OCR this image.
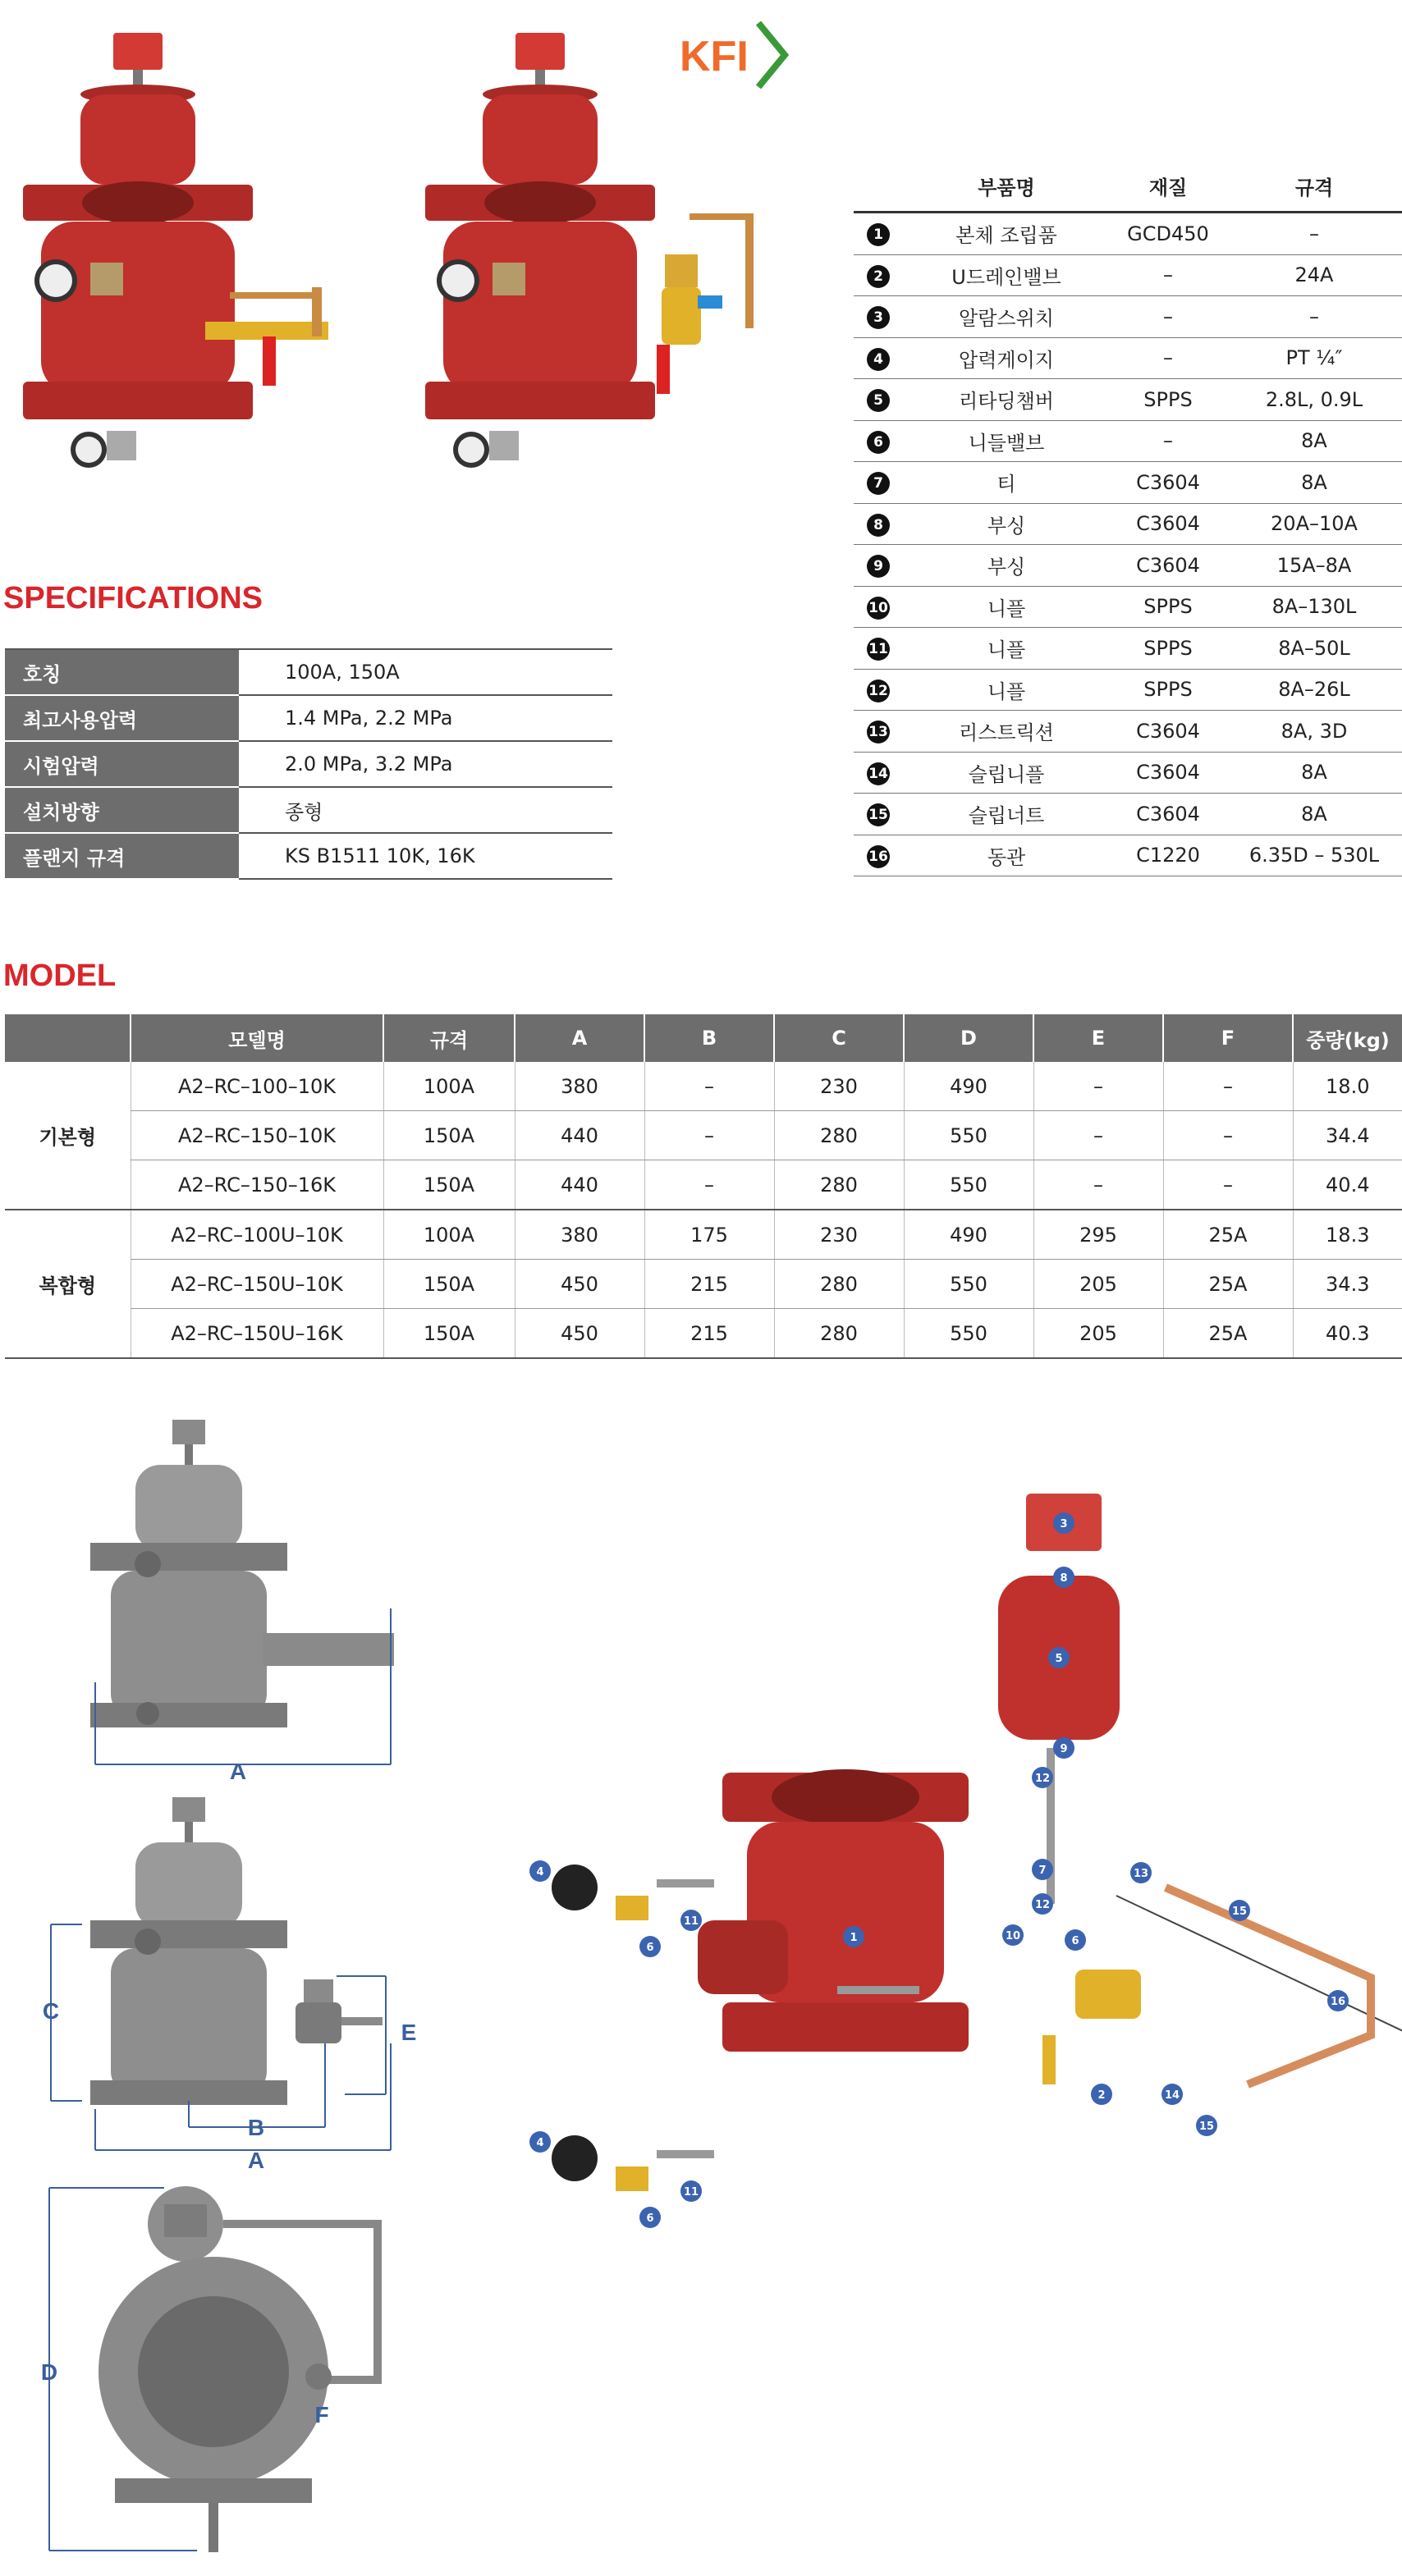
KFI
SPECIFICATIONS
호칭	100A, 150A
최고사용압력	1.4 MPa, 2.2 MPa
시험압력	2.0 MPa, 3.2 MPa
설치방향	종형
플랜지 규격	KS B1511 10K, 16K
	부품명	재질	규격
1	본체 조립품	GCD450	–
2	U드레인밸브	–	24A
3	알람스위치	–	–
4	압력게이지	–	PT ¼″
5	리타딩챔버	SPPS	2.8L, 0.9L
6	니들밸브	–	8A
7	티	C3604	8A
8	부싱	C3604	20A–10A
9	부싱	C3604	15A–8A
10	니플	SPPS	8A–130L
11	니플	SPPS	8A–50L
12	니플	SPPS	8A–26L
13	리스트릭션	C3604	8A, 3D
14	슬립니플	C3604	8A
15	슬립너트	C3604	8A
16	동관	C1220	6.35D – 530L
MODEL
	모델명	규격	A	B	C	D	E	F	중량(kg)
기본형	A2–RC–100–10K	100A	380	–	230	490	–	–	18.0
	A2–RC–150–10K	150A	440	–	280	550	–	–	34.4
	A2–RC–150–16K	150A	440	–	280	550	–	–	40.4
복합형	A2–RC–100U–10K	100A	380	175	230	490	295	25A	18.3
	A2–RC–150U–10K	150A	450	215	280	550	205	25A	34.3
	A2–RC–150U–16K	150A	450	215	280	550	205	25A	40.3
A
C
E
B
A
D
F
1
2
3
4
5
6
7
8
9
10
11
12
13
14
15
16
4
6
6
11
12
15
